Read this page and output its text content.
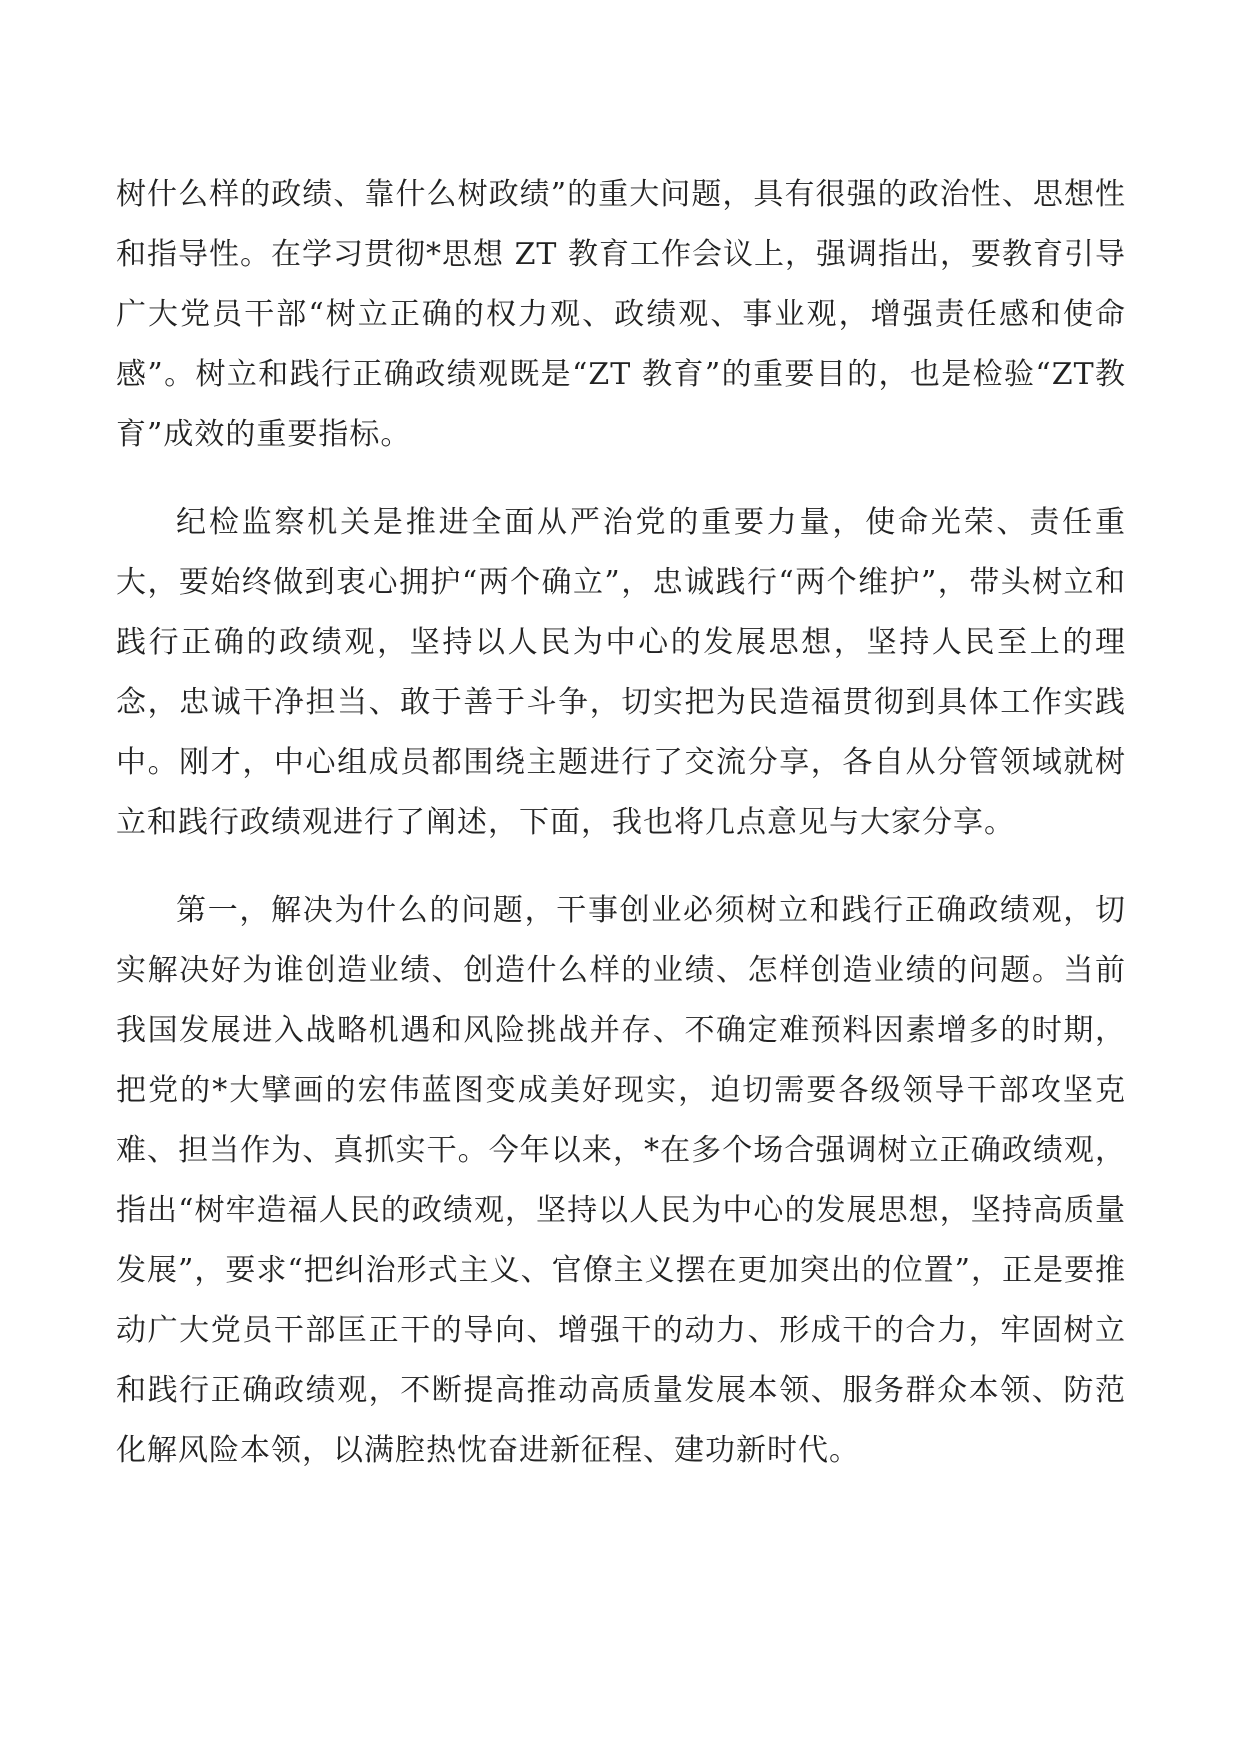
树什么样的政绩、靠什么树政绩”的重大问题，具有很强的政治性、思想性和指导性。在学习贯彻*思想 ZT 教育工作会议上，强调指出，要教育引导广大党员干部“树立正确的权力观、政绩观、事业观，增强责任感和使命感”。树立和践行正确政绩观既是“ZT 教育”的重要目的，也是检验“ZT教育”成效的重要指标。

纪检监察机关是推进全面从严治党的重要力量，使命光荣、责任重大，要始终做到衷心拥护“两个确立”，忠诚践行“两个维护”，带头树立和践行正确的政绩观，坚持以人民为中心的发展思想，坚持人民至上的理念，忠诚干净担当、敢于善于斗争，切实把为民造福贯彻到具体工作实践中。刚才，中心组成员都围绕主题进行了交流分享，各自从分管领域就树立和践行政绩观进行了阐述，下面，我也将几点意见与大家分享。

第一，解决为什么的问题，干事创业必须树立和践行正确政绩观，切实解决好为谁创造业绩、创造什么样的业绩、怎样创造业绩的问题。当前我国发展进入战略机遇和风险挑战并存、不确定难预料因素增多的时期，把党的*大擘画的宏伟蓝图变成美好现实，迫切需要各级领导干部攻坚克难、担当作为、真抓实干。今年以来，*在多个场合强调树立正确政绩观，指出“树牢造福人民的政绩观，坚持以人民为中心的发展思想，坚持高质量发展”，要求“把纠治形式主义、官僚主义摆在更加突出的位置”，正是要推动广大党员干部匡正干的导向、增强干的动力、形成干的合力，牢固树立和践行正确政绩观，不断提高推动高质量发展本领、服务群众本领、防范化解风险本领，以满腔热忱奋进新征程、建功新时代。
